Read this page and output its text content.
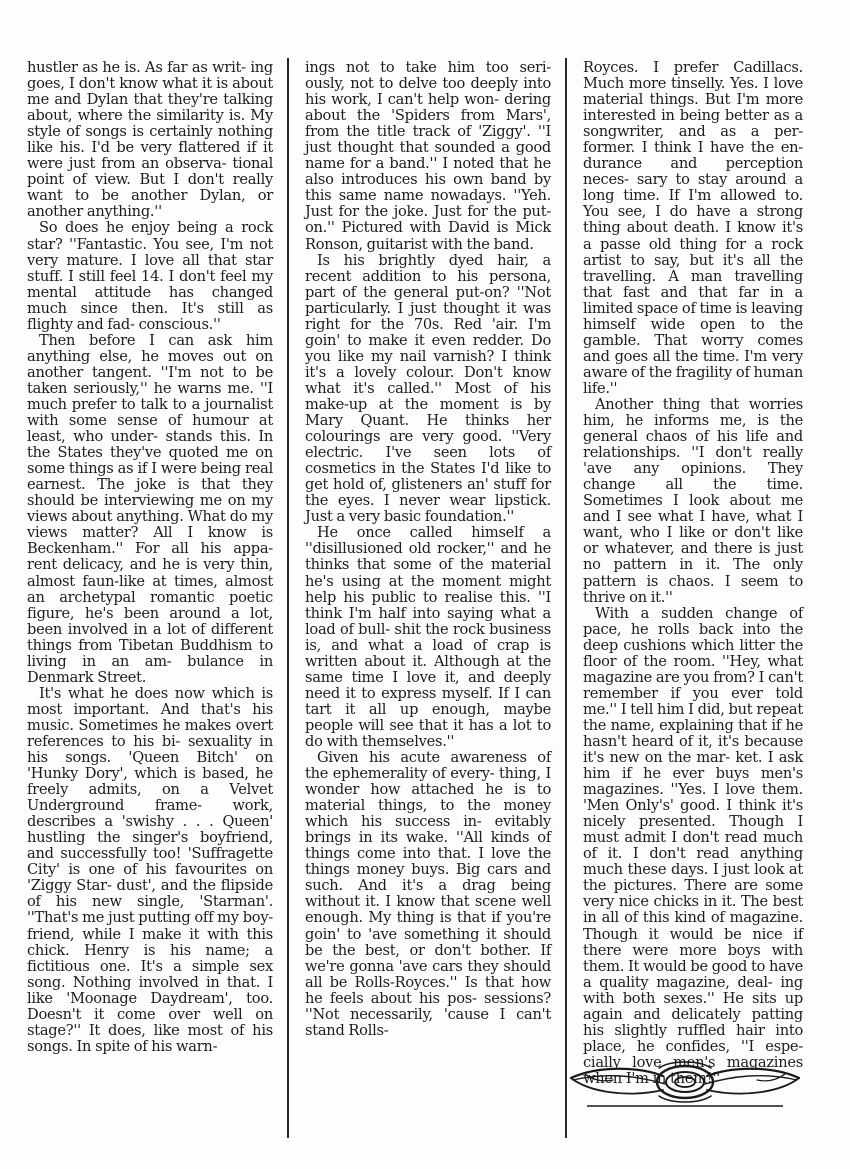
hustler as he is. As far as writ- ing goes, I don't know what it is about me and Dylan that they're talking about, where the similarity is. My style of songs is certainly nothing like his. I'd be very flattered if it were just from an observa- tional point of view. But I don't really want to be another Dylan, or another anything.''

So does he enjoy being a rock star? ''Fantastic. You see, I'm not very mature. I love all that star stuff. I still feel 14. I don't feel my mental attitude has changed much since then. It's still as flighty and fad- conscious.''

Then before I can ask him anything else, he moves out on another tangent. ''I'm not to be taken seriously,'' he warns me. ''I much prefer to talk to a journalist with some sense of humour at least, who under- stands this. In the States they've quoted me on some things as if I were being real earnest. The joke is that they should be interviewing me on my views about anything. What do my views matter? All I know is Beckenham.'' For all his appa- rent delicacy, and he is very thin, almost faun-like at times, almost an archetypal romantic poetic figure, he's been around a lot, been involved in a lot of different things from Tibetan Buddhism to living in an am- bulance in Denmark Street.

It's what he does now which is most important. And that's his music. Sometimes he makes overt references to his bi- sexuality in his songs. 'Queen Bitch' on 'Hunky Dory', which is based, he freely admits, on a Velvet Underground frame- work, describes a 'swishy . . . Queen' hustling the singer's boyfriend, and successfully too! 'Suffragette City' is one of his favourites on 'Ziggy Star- dust', and the flipside of his new single, 'Starman'. ''That's me just putting off my boy- friend, while I make it with this chick. Henry is his name; a fictitious one. It's a simple sex song. Nothing involved in that. I like 'Moonage Daydream', too. Doesn't it come over well on stage?'' It does, like most of his songs. In spite of his warn-

ings not to take him too seri- ously, not to delve too deeply into his work, I can't help won- dering about the 'Spiders from Mars', from the title track of 'Ziggy'. ''I just thought that sounded a good name for a band.'' I noted that he also introduces his own band by this same name nowadays. ''Yeh. Just for the joke. Just for the put-on.'' Pictured with David is Mick Ronson, guitarist with the band.

Is his brightly dyed hair, a recent addition to his persona, part of the general put-on? ''Not particularly. I just thought it was right for the 70s. Red 'air. I'm goin' to make it even redder. Do you like my nail varnish? I think it's a lovely colour. Don't know what it's called.'' Most of his make-up at the moment is by Mary Quant. He thinks her colourings are very good. ''Very electric. I've seen lots of cosmetics in the States I'd like to get hold of, glisteners an' stuff for the eyes. I never wear lipstick. Just a very basic foundation.''

He once called himself a ''disillusioned old rocker,'' and he thinks that some of the material he's using at the moment might help his public to realise this. ''I think I'm half into saying what a load of bull- shit the rock business is, and what a load of crap is written about it. Although at the same time I love it, and deeply need it to express myself. If I can tart it all up enough, maybe people will see that it has a lot to do with themselves.''

Given his acute awareness of the ephemerality of every- thing, I wonder how attached he is to material things, to the money which his success in- evitably brings in its wake. ''All kinds of things come into that. I love the things money buys. Big cars and such. And it's a drag being without it. I know that scene well enough. My thing is that if you're goin' to 'ave something it should be the best, or don't bother. If we're gonna 'ave cars they should all be Rolls-Royces.'' Is that how he feels about his pos- sessions? ''Not necessarily, 'cause I can't stand Rolls-

Royces. I prefer Cadillacs. Much more tinselly. Yes. I love material things. But I'm more interested in being better as a songwriter, and as a per- former. I think I have the en- durance and perception neces- sary to stay around a long time. If I'm allowed to. You see, I do have a strong thing about death. I know it's a passe old thing for a rock artist to say, but it's all the travelling. A man travelling that fast and that far in a limited space of time is leaving himself wide open to the gamble. That worry comes and goes all the time. I'm very aware of the fragility of human life.''

Another thing that worries him, he informs me, is the general chaos of his life and relationships. ''I don't really 'ave any opinions. They change all the time. Sometimes I look about me and I see what I have, what I want, who I like or don't like or whatever, and there is just no pattern in it. The only pattern is chaos. I seem to thrive on it.''

With a sudden change of pace, he rolls back into the deep cushions which litter the floor of the room. ''Hey, what magazine are you from? I can't remember if you ever told me.'' I tell him I did, but repeat the name, explaining that if he hasn't heard of it, it's because it's new on the mar- ket. I ask him if he ever buys men's magazines. ''Yes. I love them. 'Men Only's' good. I think it's nicely presented. Though I must admit I don't read much of it. I don't read anything much these days. I just look at the pictures. There are some very nice chicks in it. The best in all of this kind of magazine. Though it would be nice if there were more boys with them. It would be good to have a quality magazine, deal- ing with both sexes.'' He sits up again and delicately patting his slightly ruffled hair into place, he confides, ''I espe- cially love men's magazines when I'm in them!''
